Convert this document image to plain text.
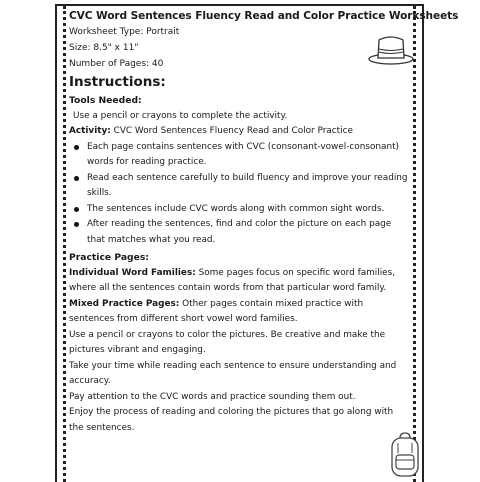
CVC Word Sentences Fluency Read and Color Practice Worksheets
Worksheet Type: Portrait
Size: 8.5" x 11"
Number of Pages: 40
Instructions:
Tools Needed:
Use a pencil or crayons to complete the activity.
Activity: CVC Word Sentences Fluency Read and Color Practice
Each page contains sentences with CVC (consonant-vowel-consonant) words for reading practice.
Read each sentence carefully to build fluency and improve your reading skills.
The sentences include CVC words along with common sight words.
After reading the sentences, find and color the picture on each page that matches what you read.
Practice Pages:
Individual Word Families: Some pages focus on specific word families, where all the sentences contain words from that particular word family.
Mixed Practice Pages: Other pages contain mixed practice with sentences from different short vowel word families.
Use a pencil or crayons to color the pictures. Be creative and make the pictures vibrant and engaging.
Take your time while reading each sentence to ensure understanding and accuracy.
Pay attention to the CVC words and practice sounding them out.
Enjoy the process of reading and coloring the pictures that go along with the sentences.
